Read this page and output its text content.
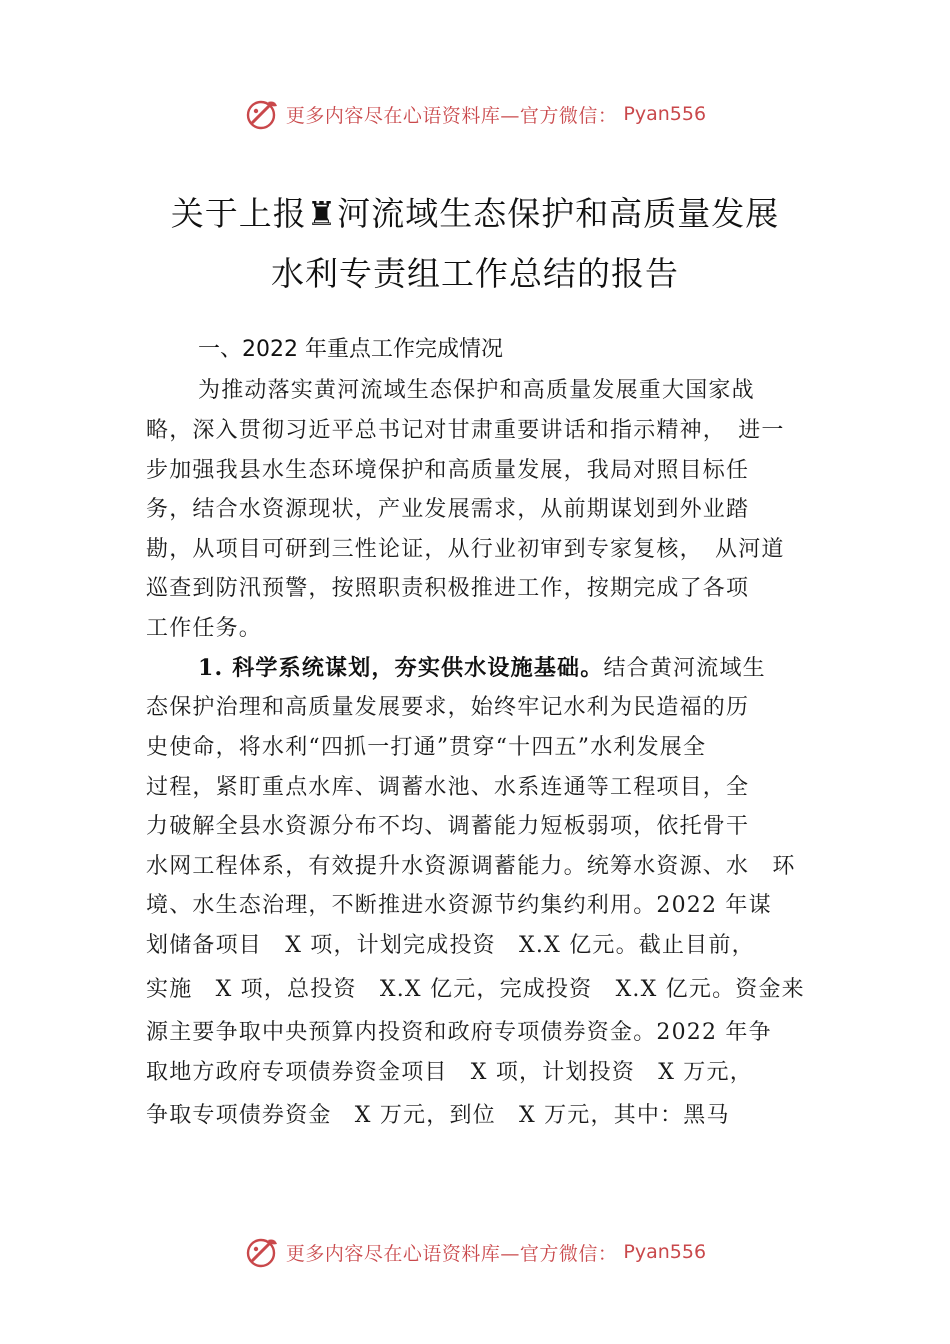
更多内容尽在心语资料库—官方微信： Pyan556
关于上报♜河流域生态保护和高质量发展
水利专责组工作总结的报告
一、2022 年重点工作完成情况
为推动落实黄河流域生态保护和高质量发展重大国家战
略，深入贯彻习近平总书记对甘肃重要讲话和指示精神，　进一
步加强我县水生态环境保护和高质量发展，我局对照目标任
务，结合水资源现状，产业发展需求，从前期谋划到外业踏
勘，从项目可研到三性论证，从行业初审到专家复核，　从河道
巡查到防汛预警，按照职责积极推进工作，按期完成了各项
工作任务。
1. 科学系统谋划，夯实供水设施基础。结合黄河流域生
态保护治理和高质量发展要求，始终牢记水利为民造福的历
史使命，将水利“四抓一打通”贯穿“十四五”水利发展全
过程，紧盯重点水库、调蓄水池、水系连通等工程项目，全
力破解全县水资源分布不均、调蓄能力短板弱项，依托骨干
水网工程体系，有效提升水资源调蓄能力。统筹水资源、水　环
境、水生态治理，不断推进水资源节约集约利用。2022 年谋
划储备项目　X 项，计划完成投资　X.X 亿元。截止目前，
实施　X 项，总投资　X.X 亿元，完成投资　X.X 亿元。资金来
源主要争取中央预算内投资和政府专项债券资金。2022 年争
取地方政府专项债券资金项目　X 项，计划投资　X 万元，
争取专项债券资金　X 万元，到位　X 万元，其中：黑马
更多内容尽在心语资料库—官方微信： Pyan556
